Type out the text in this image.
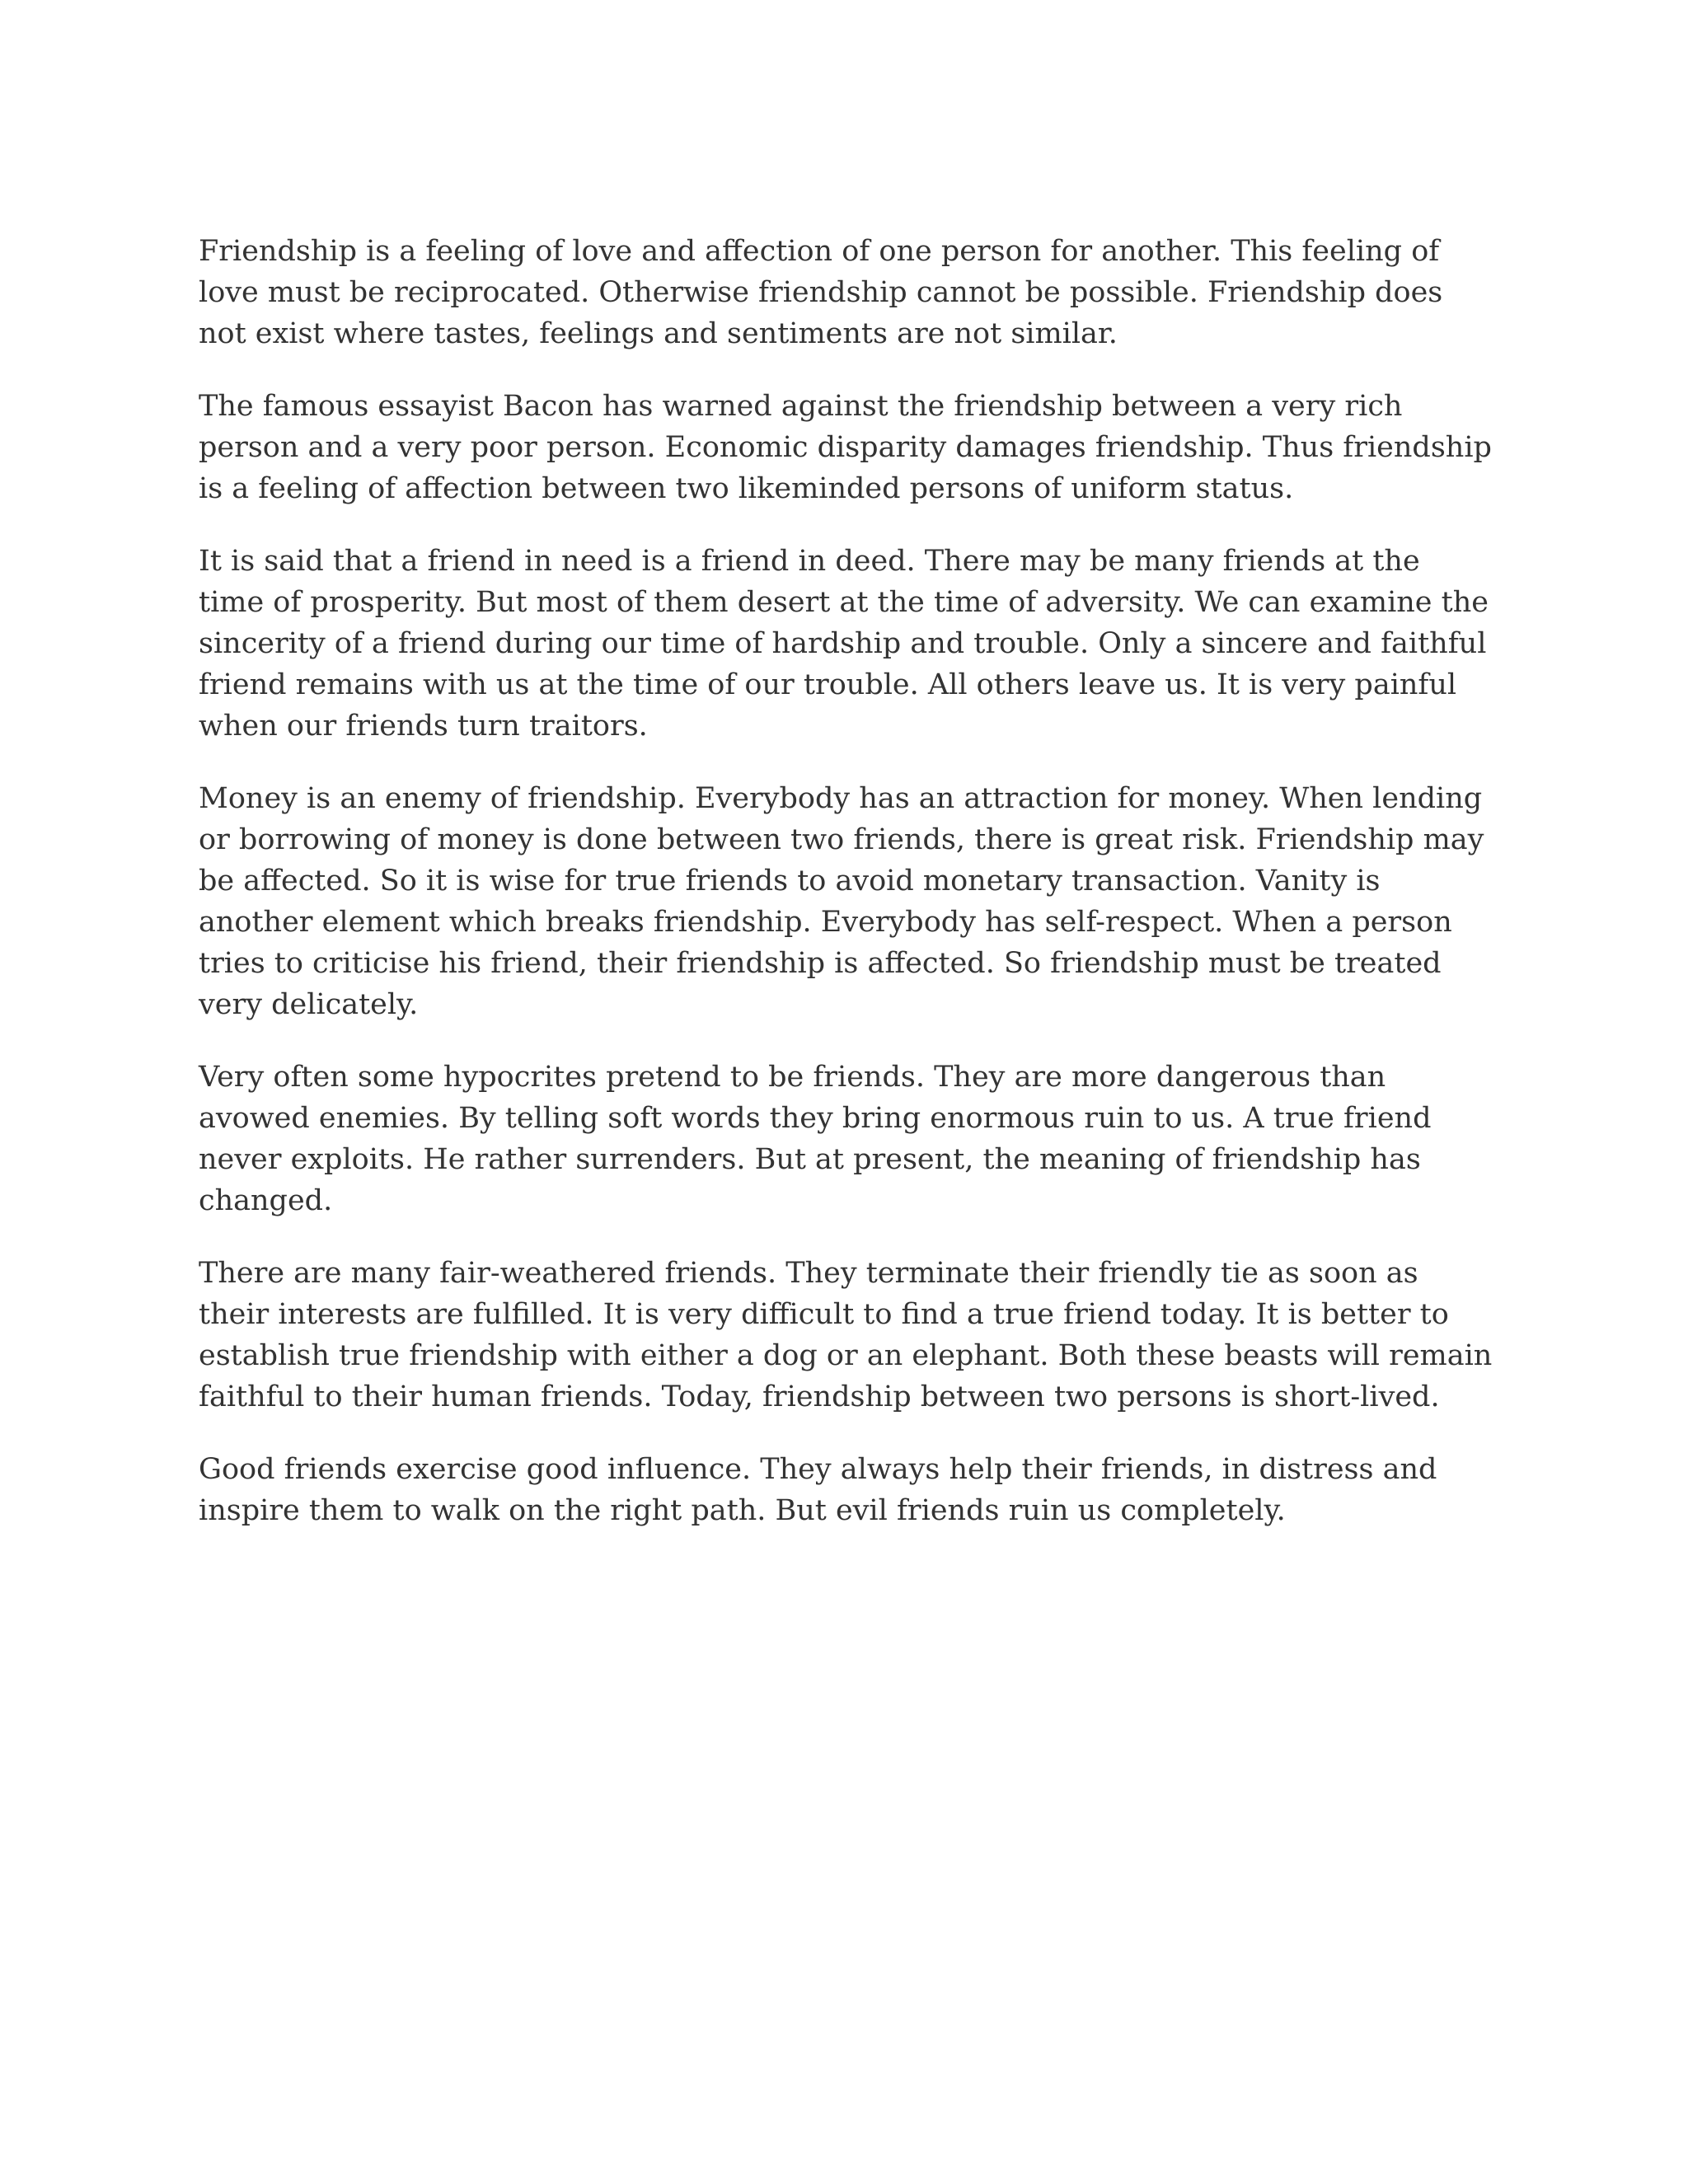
Friendship is a feeling of love and affection of one person for another. This feeling of love must be reciprocated. Otherwise friendship cannot be possible. Friendship does not exist where tastes, feelings and sentiments are not similar.

The famous essayist Bacon has warned against the friendship between a very rich person and a very poor person. Economic disparity damages friendship. Thus friendship is a feeling of affection between two likeminded persons of uniform status.

It is said that a friend in need is a friend in deed. There may be many friends at the time of prosperity. But most of them desert at the time of adversity. We can examine the sincerity of a friend during our time of hardship and trouble. Only a sincere and faithful friend remains with us at the time of our trouble. All others leave us. It is very painful when our friends turn traitors.

Money is an enemy of friendship. Everybody has an attraction for money. When lending or borrowing of money is done between two friends, there is great risk. Friendship may be affected. So it is wise for true friends to avoid monetary transaction. Vanity is another element which breaks friendship. Everybody has self-respect. When a person tries to criticise his friend, their friendship is affected. So friendship must be treated very delicately.

Very often some hypocrites pretend to be friends. They are more dangerous than avowed enemies. By telling soft words they bring enormous ruin to us. A true friend never exploits. He rather surrenders. But at present, the meaning of friendship has changed.

There are many fair-weathered friends. They terminate their friendly tie as soon as their interests are fulfilled. It is very difficult to find a true friend today. It is better to establish true friendship with either a dog or an elephant. Both these beasts will remain faithful to their human friends. Today, friendship between two persons is short-lived.

Good friends exercise good influence. They always help their friends, in distress and inspire them to walk on the right path. But evil friends ruin us completely.
